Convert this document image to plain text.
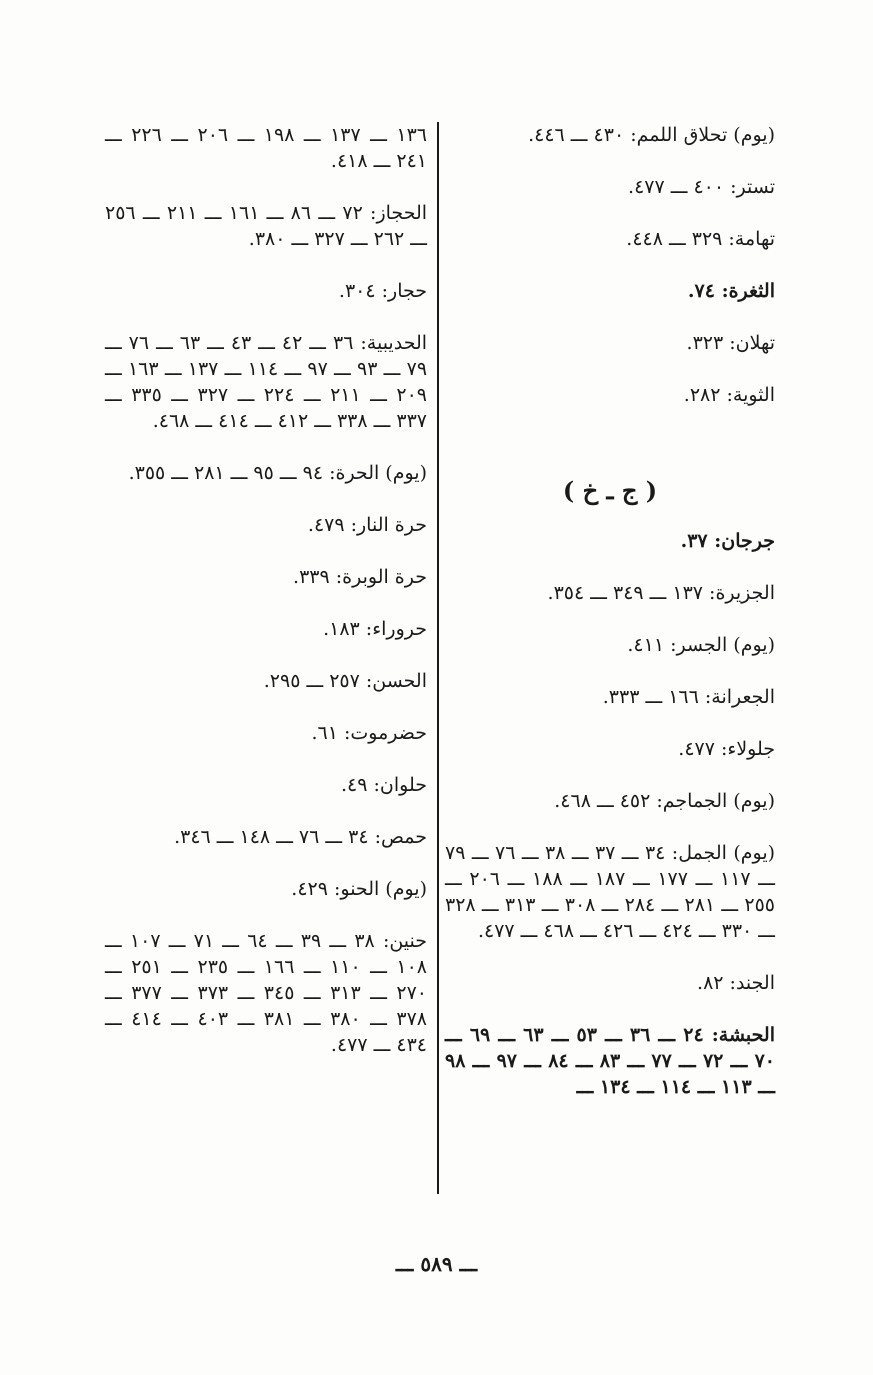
(يوم) تحلاق اللمم: ٤٣٠ ـــ ٤٤٦.

تستر: ٤٠٠ ـــ ٤٧٧.

تهامة: ٣٢٩ ـــ ٤٤٨.

الثغرة: ٧٤.

تهلان: ٣٢٣.

الثوية: ٢٨٢.

( ج ـ خ )

جرجان: ٣٧.

الجزيرة: ١٣٧ ـــ ٣٤٩ ـــ ٣٥٤.

(يوم) الجسر: ٤١١.

الجعرانة: ١٦٦ ـــ ٣٣٣.

جلولاء: ٤٧٧.

(يوم) الجماجم: ٤٥٢ ـــ ٤٦٨.

(يوم) الجمل: ٣٤ ـــ ٣٧ ـــ ٣٨ ـــ ٧٦ ـــ ٧٩ ـــ ١١٧ ـــ ١٧٧ ـــ ١٨٧ ـــ ١٨٨ ـــ ٢٠٦ ـــ ٢٥٥ ـــ ٢٨١ ـــ ٢٨٤ ـــ ٣٠٨ ـــ ٣١٣ ـــ ٣٢٨ ـــ ٣٣٠ ـــ ٤٢٤ ـــ ٤٢٦ ـــ ٤٦٨ ـــ ٤٧٧.

الجند: ٨٢.

الحبشة: ٢٤ ـــ ٣٦ ـــ ٥٣ ـــ ٦٣ ـــ ٦٩ ـــ ٧٠ ـــ ٧٢ ـــ ٧٧ ـــ ٨٣ ـــ ٨٤ ـــ ٩٧ ـــ ٩٨ ـــ ١١٣ ـــ ١١٤ ـــ ١٣٤ ـــ

١٣٦ ـــ ١٣٧ ـــ ١٩٨ ـــ ٢٠٦ ـــ ٢٢٦ ـــ ٢٤١ ـــ ٤١٨.

الحجاز: ٧٢ ـــ ٨٦ ـــ ١٦١ ـــ ٢١١ ـــ ٢٥٦ ـــ ٢٦٢ ـــ ٣٢٧ ـــ ٣٨٠.

حجار: ٣٠٤.

الحديبية: ٣٦ ـــ ٤٢ ـــ ٤٣ ـــ ٦٣ ـــ ٧٦ ـــ ٧٩ ـــ ٩٣ ـــ ٩٧ ـــ ١١٤ ـــ ١٣٧ ـــ ١٦٣ ـــ ٢٠٩ ـــ ٢١١ ـــ ٢٢٤ ـــ ٣٢٧ ـــ ٣٣٥ ـــ ٣٣٧ ـــ ٣٣٨ ـــ ٤١٢ ـــ ٤١٤ ـــ ٤٦٨.

(يوم) الحرة: ٩٤ ـــ ٩٥ ـــ ٢٨١ ـــ ٣٥٥.

حرة النار: ٤٧٩.

حرة الوبرة: ٣٣٩.

حروراء: ١٨٣.

الحسن: ٢٥٧ ـــ ٢٩٥.

حضرموت: ٦١.

حلوان: ٤٩.

حمص: ٣٤ ـــ ٧٦ ـــ ١٤٨ ـــ ٣٤٦.

(يوم) الحنو: ٤٢٩.

حنين: ٣٨ ـــ ٣٩ ـــ ٦٤ ـــ ٧١ ـــ ١٠٧ ـــ ١٠٨ ـــ ١١٠ ـــ ١٦٦ ـــ ٢٣٥ ـــ ٢٥١ ـــ ٢٧٠ ـــ ٣١٣ ـــ ٣٤٥ ـــ ٣٧٣ ـــ ٣٧٧ ـــ ٣٧٨ ـــ ٣٨٠ ـــ ٣٨١ ـــ ٤٠٣ ـــ ٤١٤ ـــ ٤٣٤ ـــ ٤٧٧.

ـــ ٥٨٩ ـــ
